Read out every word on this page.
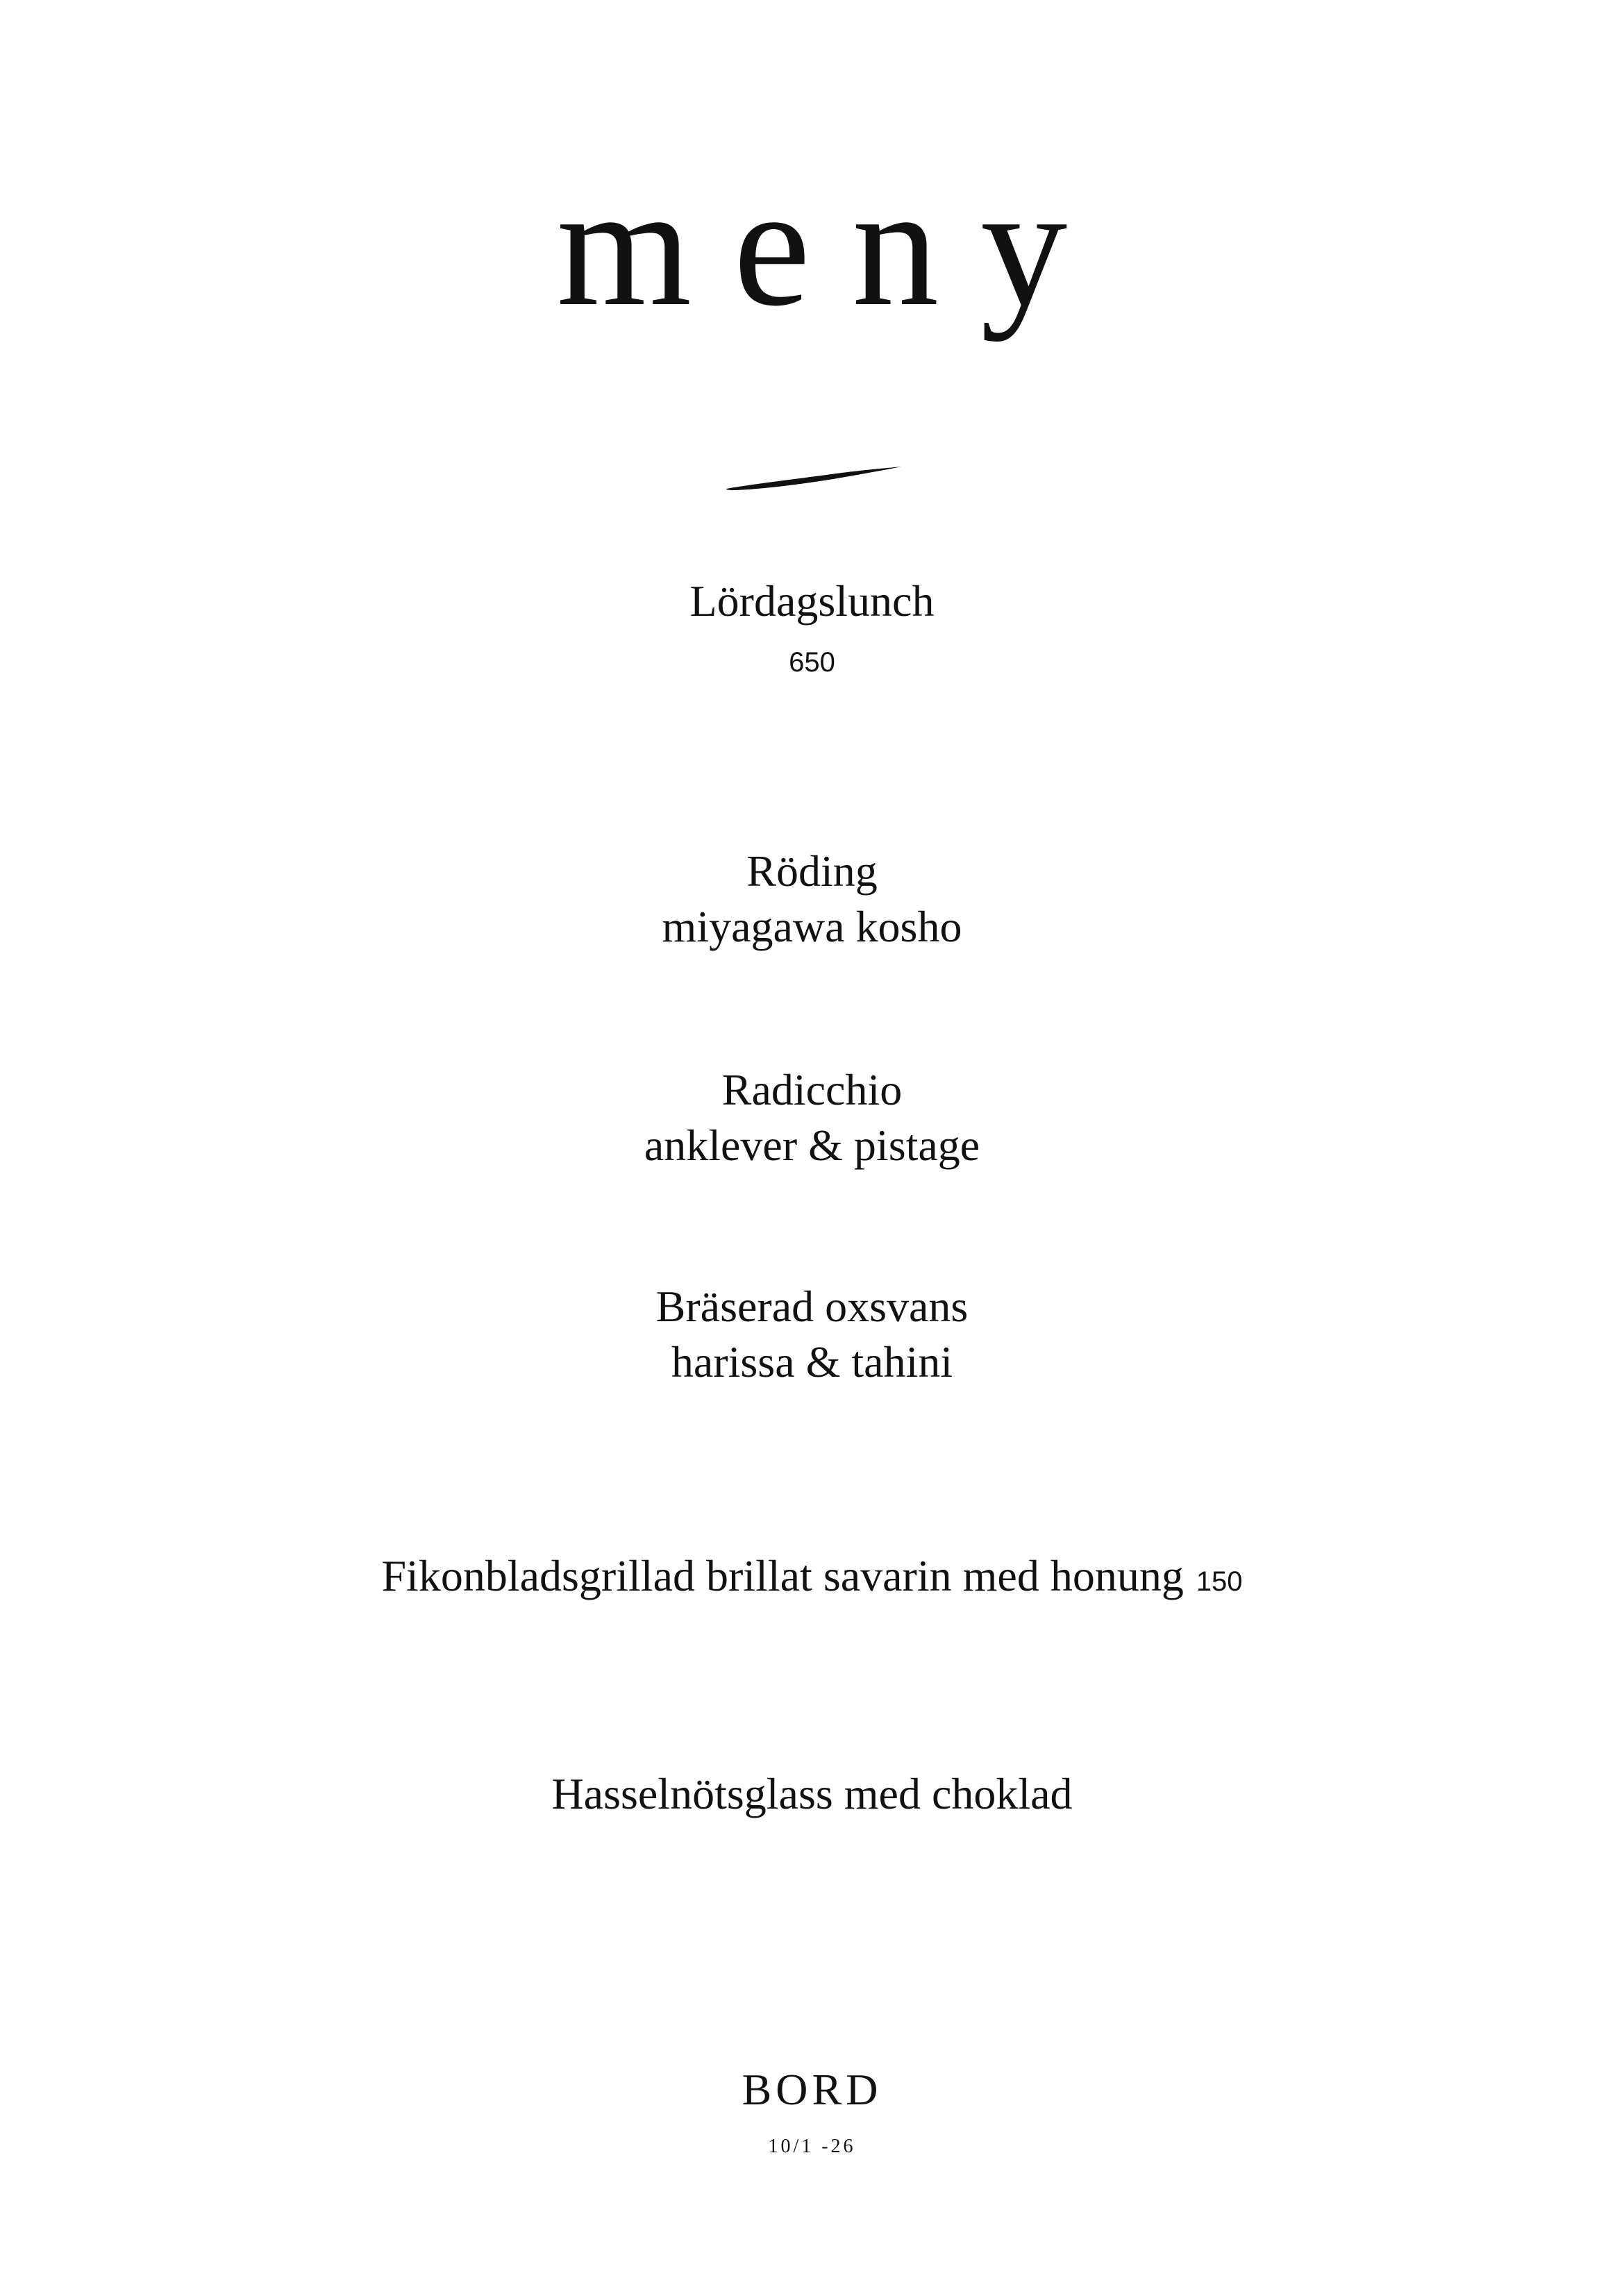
meny
Lördagslunch
650
Röding
miyagawa kosho
Radicchio
anklever & pistage
Bräserad oxsvans
harissa & tahini
Fikonbladsgrillad brillat savarin med honung 150
Hasselnötsglass med choklad
BORD
10/1 -26
